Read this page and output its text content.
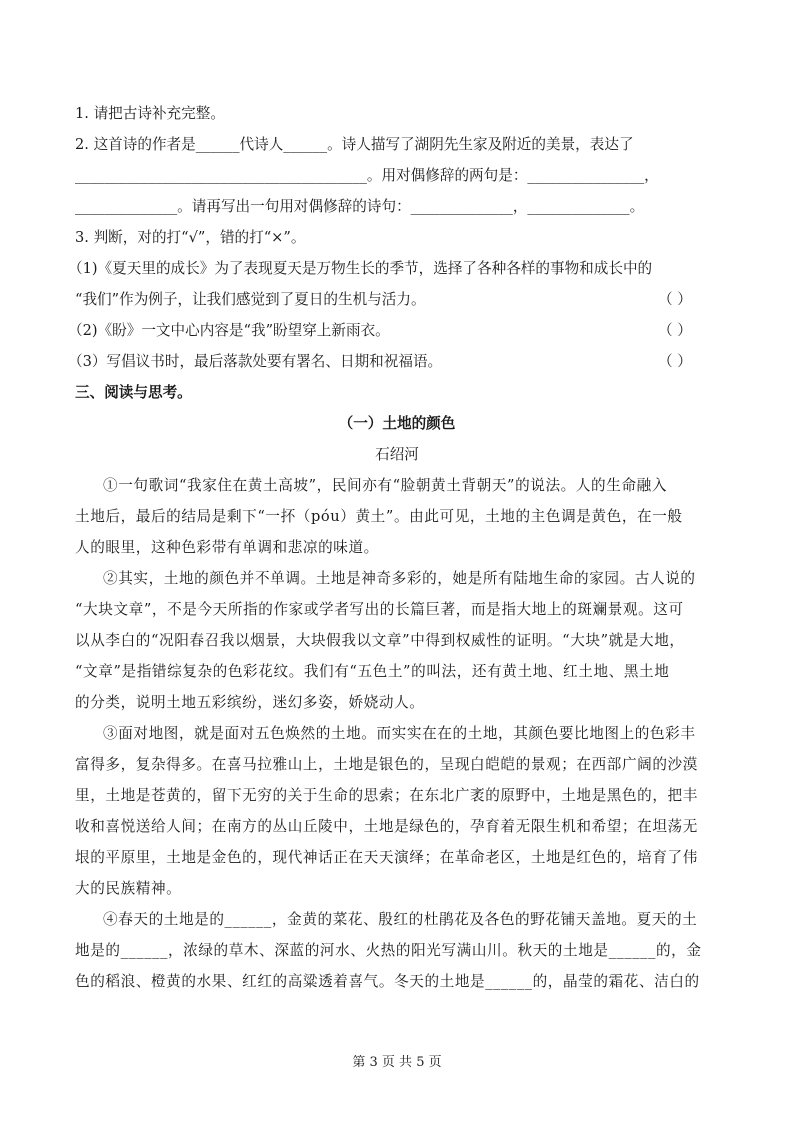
1. 请把古诗补充完整。
2. 这首诗的作者是______代诗人______。诗人描写了湖阴先生家及附近的美景，表达了
________________________________________。用对偶修辞的两句是：________________，
______________。请再写出一句用对偶修辞的诗句：______________，______________。
3. 判断，对的打“√”，错的打“×”。
（1)《夏天里的成长》为了表现夏天是万物生长的季节，选择了各种各样的事物和成长中的
“我们”作为例子，让我们感觉到了夏日的生机与活力。	（ ）
（2)《盼》一文中心内容是“我”盼望穿上新雨衣。	（ ）
（3）写倡议书时，最后落款处要有署名、日期和祝福语。	（ ）
三、阅读与思考。
（一）土地的颜色
石绍河
①一句歌词“我家住在黄土高坡”，民间亦有“脸朝黄土背朝天”的说法。人的生命融入
土地后，最后的结局是剩下“一抔（póu）黄土”。由此可见，土地的主色调是黄色，在一般
人的眼里，这种色彩带有单调和悲凉的味道。
②其实，土地的颜色并不单调。土地是神奇多彩的，她是所有陆地生命的家园。古人说的
“大块文章”，不是今天所指的作家或学者写出的长篇巨著，而是指大地上的斑斓景观。这可
以从李白的“况阳春召我以烟景，大块假我以文章”中得到权威性的证明。“大块”就是大地，
“文章”是指错综复杂的色彩花纹。我们有“五色土”的叫法，还有黄土地、红土地、黑土地
的分类，说明土地五彩缤纷，迷幻多姿，娇娆动人。
③面对地图，就是面对五色焕然的土地。而实实在在的土地，其颜色要比地图上的色彩丰
富得多，复杂得多。在喜马拉雅山上，土地是银色的，呈现白皑皑的景观；在西部广阔的沙漠
里，土地是苍黄的，留下无穷的关于生命的思索；在东北广袤的原野中，土地是黑色的，把丰
收和喜悦送给人间；在南方的丛山丘陵中，土地是绿色的，孕育着无限生机和希望；在坦荡无
垠的平原里，土地是金色的，现代神话正在天天演绎；在革命老区，土地是红色的，培育了伟
大的民族精神。
④春天的土地是的______，金黄的菜花、殷红的杜鹃花及各色的野花铺天盖地。夏天的土
地是的______，浓绿的草木、深蓝的河水、火热的阳光写满山川。秋天的土地是______的，金
色的稻浪、橙黄的水果、红红的高粱透着喜气。冬天的土地是______的，晶莹的霜花、洁白的
第 3 页 共 5 页
